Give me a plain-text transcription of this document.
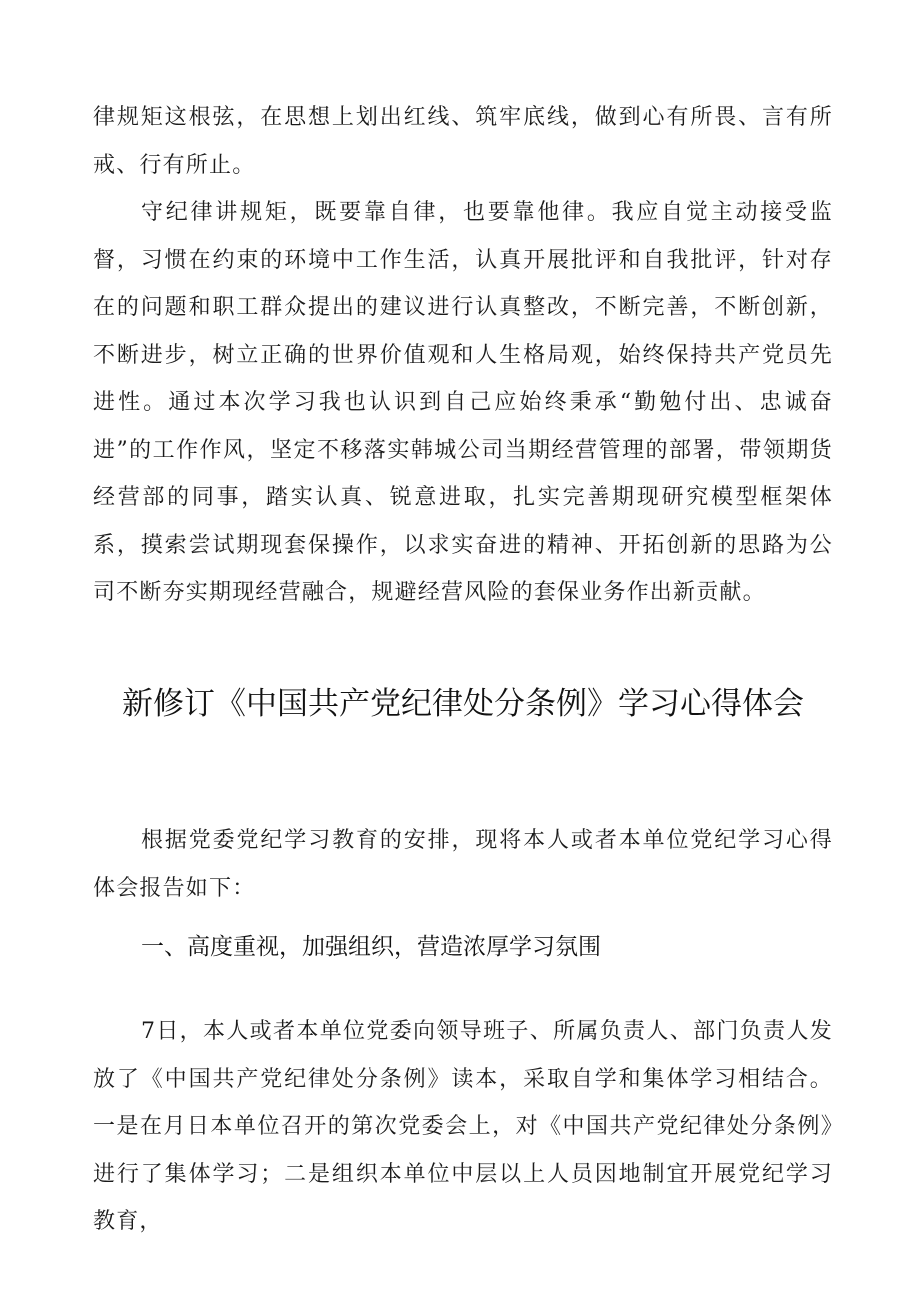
律规矩这根弦，在思想上划出红线、筑牢底线，做到心有所畏、言有所戒、行有所止。

守纪律讲规矩，既要靠自律，也要靠他律。我应自觉主动接受监督，习惯在约束的环境中工作生活，认真开展批评和自我批评，针对存在的问题和职工群众提出的建议进行认真整改，不断完善，不断创新，不断进步，树立正确的世界价值观和人生格局观，始终保持共产党员先进性。通过本次学习我也认识到自己应始终秉承“勤勉付出、忠诚奋进”的工作作风，坚定不移落实韩城公司当期经营管理的部署，带领期货经营部的同事，踏实认真、锐意进取，扎实完善期现研究模型框架体系，摸索尝试期现套保操作，以求实奋进的精神、开拓创新的思路为公司不断夯实期现经营融合，规避经营风险的套保业务作出新贡献。

新修订《中国共产党纪律处分条例》学习心得体会

根据党委党纪学习教育的安排，现将本人或者本单位党纪学习心得体会报告如下：

一、高度重视，加强组织，营造浓厚学习氛围

7日，本人或者本单位党委向领导班子、所属负责人、部门负责人发放了《中国共产党纪律处分条例》读本，采取自学和集体学习相结合。一是在月日本单位召开的第次党委会上，对《中国共产党纪律处分条例》进行了集体学习；二是组织本单位中层以上人员因地制宜开展党纪学习教育，
